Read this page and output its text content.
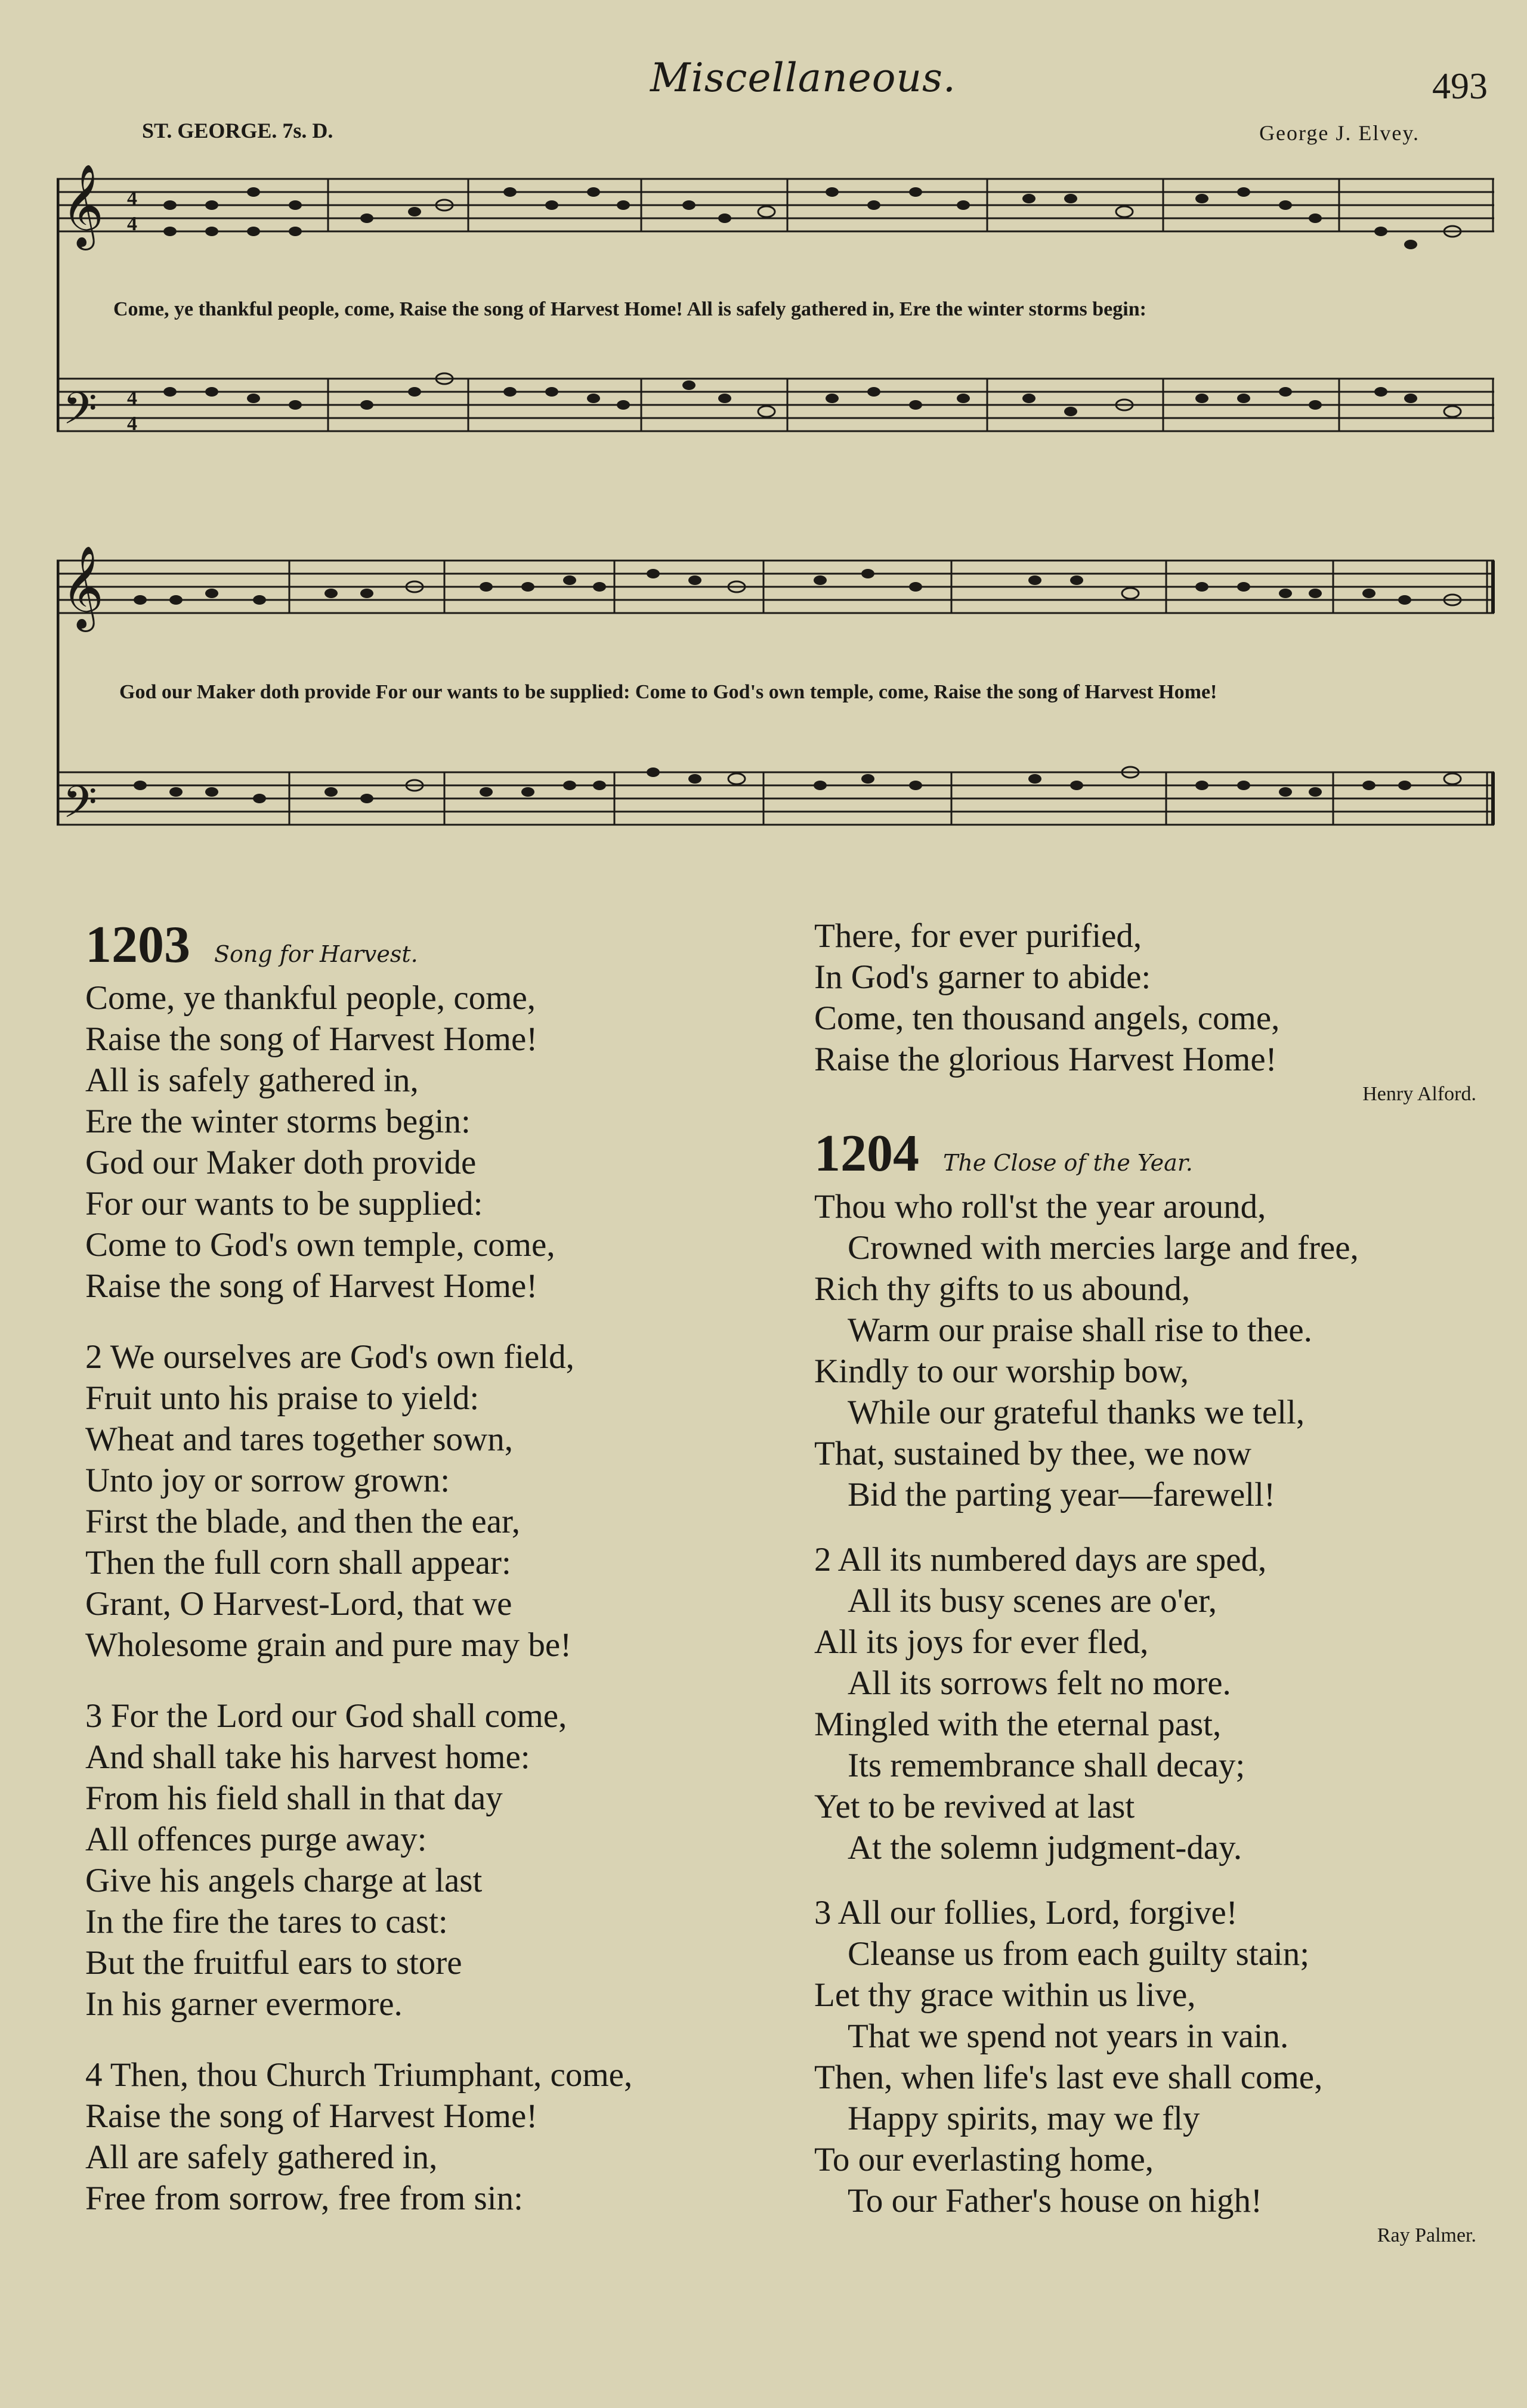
Miscellaneous.	493
ST. GEORGE. 7s. D.	George J. Elvey.
𝄞
𝄢
4
4
4
4
Come, ye thankful people, come, Raise the song of Harvest Home! All is safely gathered in, Ere the winter storms begin:
𝄞
𝄢
God our Maker doth provide For our wants to be supplied: Come to God's own temple, come, Raise the song of Harvest Home!
1203 Song for Harvest.
Come, ye thankful people, come,
Raise the song of Harvest Home!
All is safely gathered in,
Ere the winter storms begin:
God our Maker doth provide
For our wants to be supplied:
Come to God's own temple, come,
Raise the song of Harvest Home!
2 We ourselves are God's own field,
Fruit unto his praise to yield:
Wheat and tares together sown,
Unto joy or sorrow grown:
First the blade, and then the ear,
Then the full corn shall appear:
Grant, O Harvest-Lord, that we
Wholesome grain and pure may be!
3 For the Lord our God shall come,
And shall take his harvest home:
From his field shall in that day
All offences purge away:
Give his angels charge at last
In the fire the tares to cast:
But the fruitful ears to store
In his garner evermore.
4 Then, thou Church Triumphant, come,
Raise the song of Harvest Home!
All are safely gathered in,
Free from sorrow, free from sin:
There, for ever purified,
In God's garner to abide:
Come, ten thousand angels, come,
Raise the glorious Harvest Home!
Henry Alford.
1204 The Close of the Year.
Thou who roll'st the year around,
Crowned with mercies large and free,
Rich thy gifts to us abound,
Warm our praise shall rise to thee.
Kindly to our worship bow,
While our grateful thanks we tell,
That, sustained by thee, we now
Bid the parting year—farewell!
2 All its numbered days are sped,
All its busy scenes are o'er,
All its joys for ever fled,
All its sorrows felt no more.
Mingled with the eternal past,
Its remembrance shall decay;
Yet to be revived at last
At the solemn judgment-day.
3 All our follies, Lord, forgive!
Cleanse us from each guilty stain;
Let thy grace within us live,
That we spend not years in vain.
Then, when life's last eve shall come,
Happy spirits, may we fly
To our everlasting home,
To our Father's house on high!
Ray Palmer.
